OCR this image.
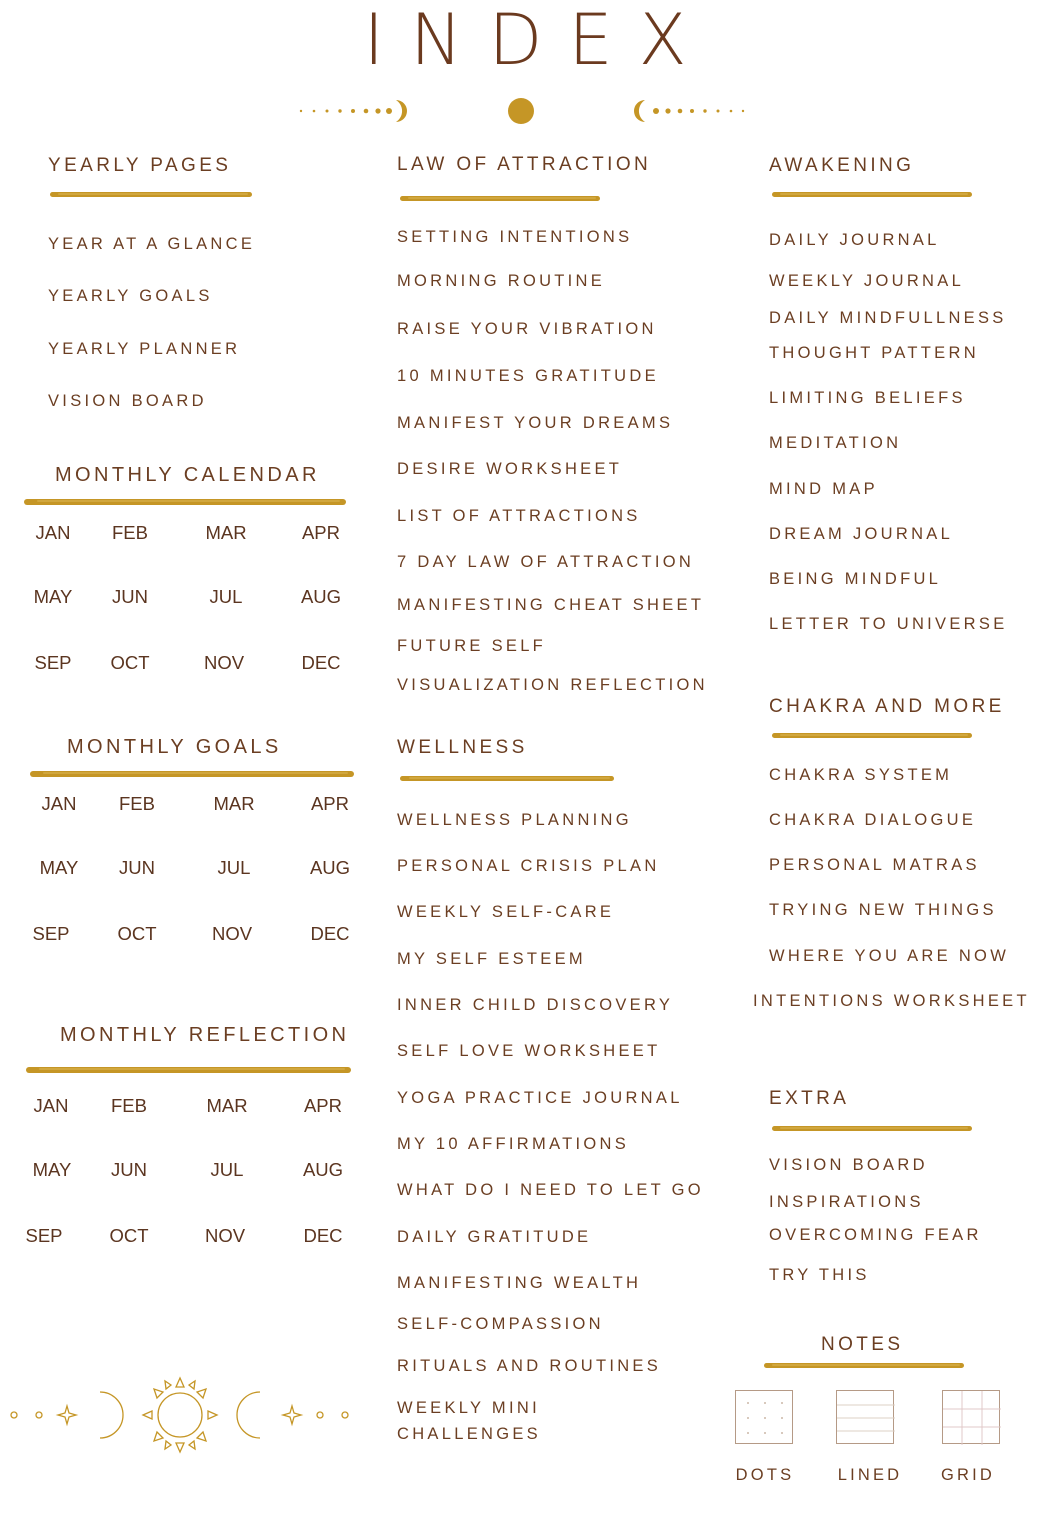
INDEX
YEARLY PAGES
YEAR AT A GLANCE
YEARLY GOALS
YEARLY PLANNER
VISION BOARD
MONTHLY CALENDAR
JAN	FEB	MAR	APR
MAY	JUN	JUL	AUG
SEP	OCT	NOV	DEC
MONTHLY GOALS
JAN	FEB	MAR	APR
MAY	JUN	JUL	AUG
SEP	OCT	NOV	DEC
MONTHLY REFLECTION
JAN	FEB	MAR	APR
MAY	JUN	JUL	AUG
SEP	OCT	NOV	DEC
LAW OF ATTRACTION
SETTING INTENTIONS
MORNING ROUTINE
RAISE YOUR VIBRATION
10 MINUTES GRATITUDE
MANIFEST YOUR DREAMS
DESIRE WORKSHEET
LIST OF ATTRACTIONS
7 DAY LAW OF ATTRACTION
MANIFESTING CHEAT SHEET
FUTURE SELF
VISUALIZATION REFLECTION
WELLNESS
WELLNESS PLANNING
PERSONAL CRISIS PLAN
WEEKLY SELF-CARE
MY SELF ESTEEM
INNER CHILD DISCOVERY
SELF LOVE WORKSHEET
YOGA PRACTICE JOURNAL
MY 10 AFFIRMATIONS
WHAT DO I NEED TO LET GO
DAILY GRATITUDE
MANIFESTING WEALTH
SELF-COMPASSION
RITUALS AND ROUTINES
WEEKLY MINI
CHALLENGES
AWAKENING
DAILY JOURNAL
WEEKLY JOURNAL
DAILY MINDFULLNESS
THOUGHT PATTERN
LIMITING BELIEFS
MEDITATION
MIND MAP
DREAM JOURNAL
BEING MINDFUL
LETTER TO UNIVERSE
CHAKRA AND MORE
CHAKRA SYSTEM
CHAKRA DIALOGUE
PERSONAL MATRAS
TRYING NEW THINGS
WHERE YOU ARE NOW
INTENTIONS WORKSHEET
EXTRA
VISION BOARD
INSPIRATIONS
OVERCOMING FEAR
TRY THIS
NOTES
DOTS	LINED	GRID
